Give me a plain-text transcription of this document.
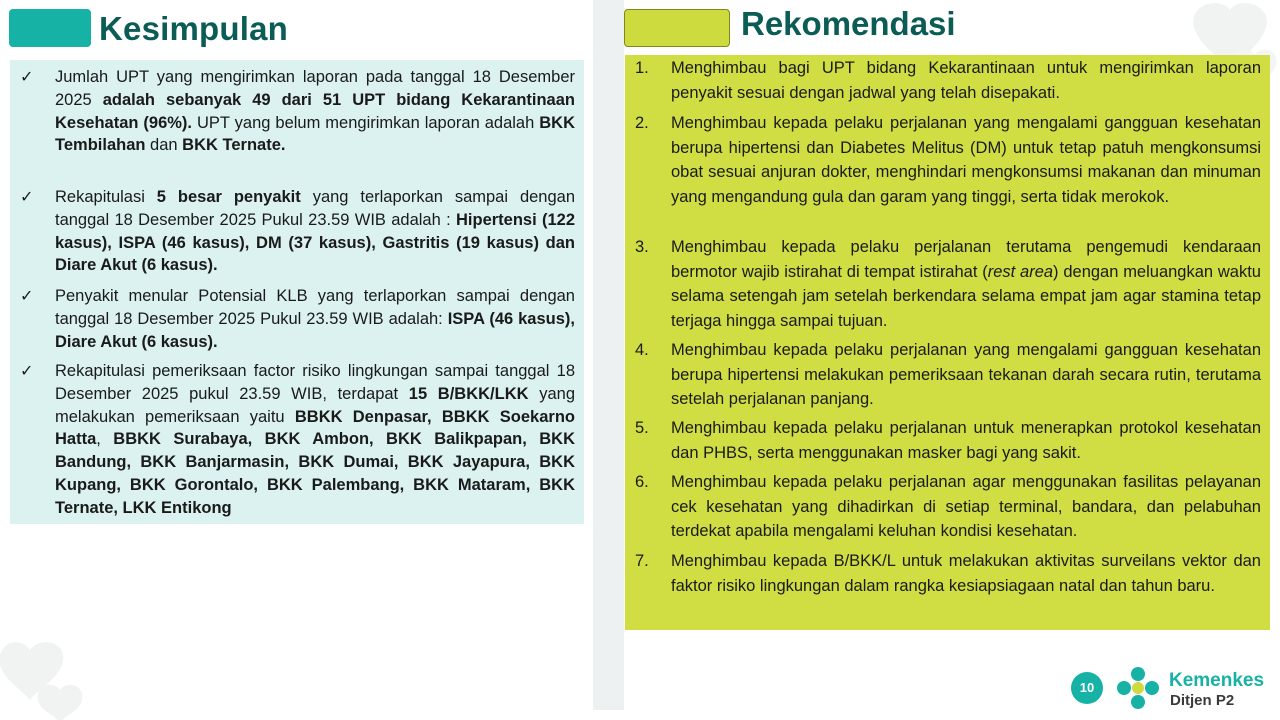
Kesimpulan
✓ Jumlah UPT yang mengirimkan laporan pada tanggal 18 Desember 2025 adalah sebanyak 49 dari 51 UPT bidang Kekarantinaan Kesehatan (96%). UPT yang belum mengirimkan laporan adalah BKK Tembilahan dan BKK Ternate.
✓ Rekapitulasi 5 besar penyakit yang terlaporkan sampai dengan tanggal 18 Desember 2025 Pukul 23.59 WIB adalah : Hipertensi (122 kasus), ISPA (46 kasus), DM (37 kasus), Gastritis (19 kasus) dan Diare Akut (6 kasus).
✓ Penyakit menular Potensial KLB yang terlaporkan sampai dengan tanggal 18 Desember 2025 Pukul 23.59 WIB adalah: ISPA (46 kasus), Diare Akut (6 kasus).
✓ Rekapitulasi pemeriksaan factor risiko lingkungan sampai tanggal 18 Desember 2025 pukul 23.59 WIB, terdapat 15 B/BKK/LKK yang melakukan pemeriksaan yaitu BBKK Denpasar, BBKK Soekarno Hatta, BBKK Surabaya, BKK Ambon, BKK Balikpapan, BKK Bandung, BKK Banjarmasin, BKK Dumai, BKK Jayapura, BKK Kupang, BKK Gorontalo, BKK Palembang, BKK Mataram, BKK Ternate, LKK Entikong
Rekomendasi
1. Menghimbau bagi UPT bidang Kekarantinaan untuk mengirimkan laporan penyakit sesuai dengan jadwal yang telah disepakati.
2. Menghimbau kepada pelaku perjalanan yang mengalami gangguan kesehatan berupa hipertensi dan Diabetes Melitus (DM) untuk tetap patuh mengkonsumsi obat sesuai anjuran dokter, menghindari mengkonsumsi makanan dan minuman yang mengandung gula dan garam yang tinggi, serta tidak merokok.
3. Menghimbau kepada pelaku perjalanan terutama pengemudi kendaraan bermotor wajib istirahat di tempat istirahat (rest area) dengan meluangkan waktu selama setengah jam setelah berkendara selama empat jam agar stamina tetap terjaga hingga sampai tujuan.
4. Menghimbau kepada pelaku perjalanan yang mengalami gangguan kesehatan berupa hipertensi melakukan pemeriksaan tekanan darah secara rutin, terutama setelah perjalanan panjang.
5. Menghimbau kepada pelaku perjalanan untuk menerapkan protokol kesehatan dan PHBS, serta menggunakan masker bagi yang sakit.
6. Menghimbau kepada pelaku perjalanan agar menggunakan fasilitas pelayanan cek kesehatan yang dihadirkan di setiap terminal, bandara, dan pelabuhan terdekat apabila mengalami keluhan kondisi kesehatan.
7. Menghimbau kepada B/BKK/L untuk melakukan aktivitas surveilans vektor dan faktor risiko lingkungan dalam rangka kesiapsiagaan natal dan tahun baru.
10	Kemenkes
Ditjen P2
